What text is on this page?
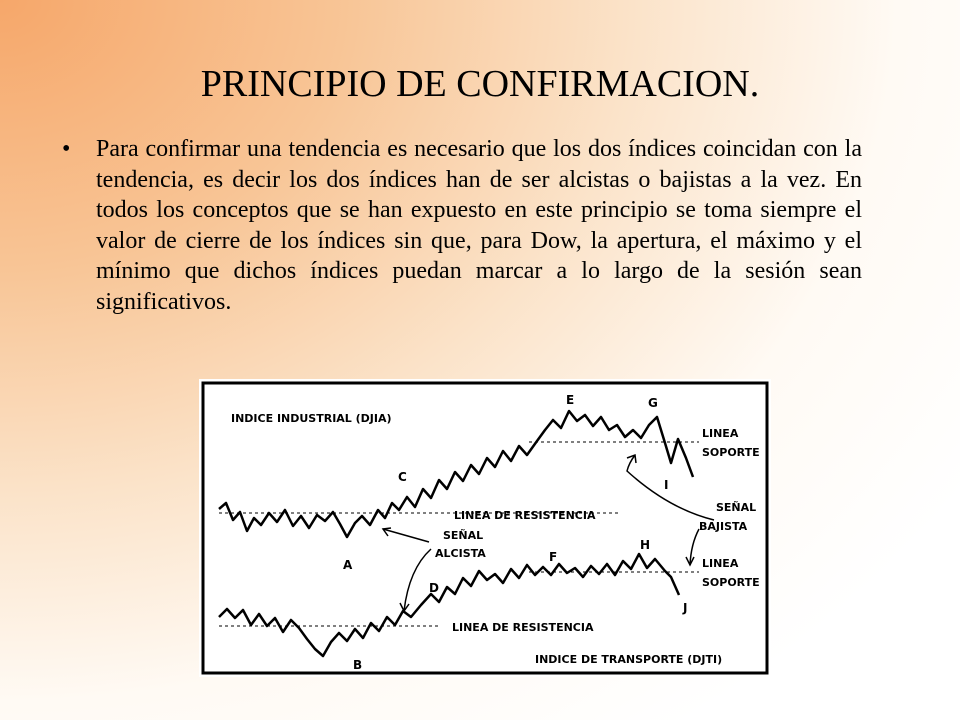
PRINCIPIO DE CONFIRMACION.
• Para confirmar una tendencia es necesario que los dos índices coincidan con la tendencia, es decir los dos índices han de ser alcistas o bajistas a la vez. En todos los conceptos que se han expuesto en este principio se toma siempre el valor de cierre de los índices sin que, para Dow, la apertura, el máximo y el mínimo que dichos índices puedan marcar a lo largo de la sesión sean significativos.
INDICE INDUSTRIAL (DJIA)
INDICE DE TRANSPORTE (DJTI)
LINEA DE RESISTENCIA
LINEA DE RESISTENCIA
LINEA
SOPORTE
LINEA
SOPORTE
SEÑAL
ALCISTA
SEÑAL
BAJISTA
A
B
C
D
E
F
G
H
I
J
